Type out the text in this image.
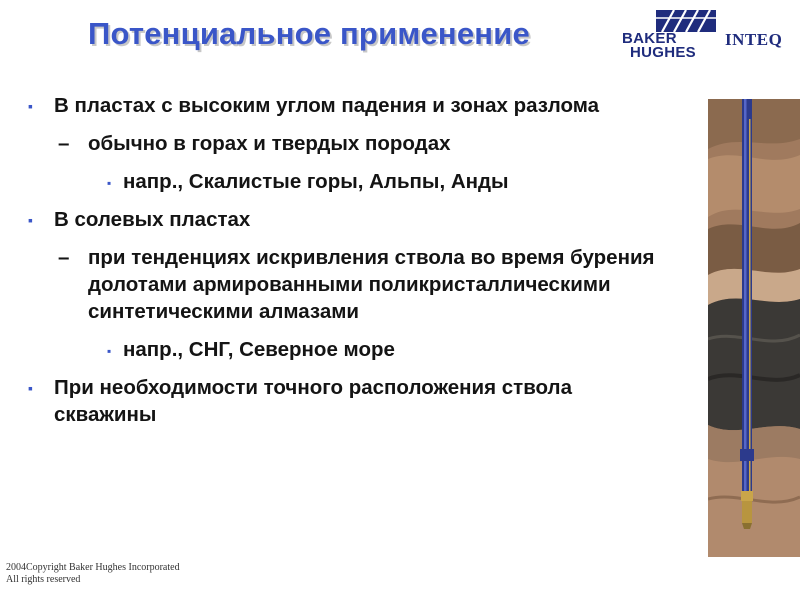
Потенциальное применение	BAKER
HUGHES
INTEQ
▪ В пластах с высоким углом падения и зонах разлома
– обычно в горах и твердых породах
▪ напр., Скалистые горы, Альпы, Анды
▪ В солевых пластах
– при тенденциях искривления ствола во время бурения долотами армированными поликристаллическими синтетическими алмазами
▪ напр., СНГ, Северное море
▪ При необходимости точного расположения ствола скважины
2004Copyright Baker Hughes Incorporated
All rights reserved
